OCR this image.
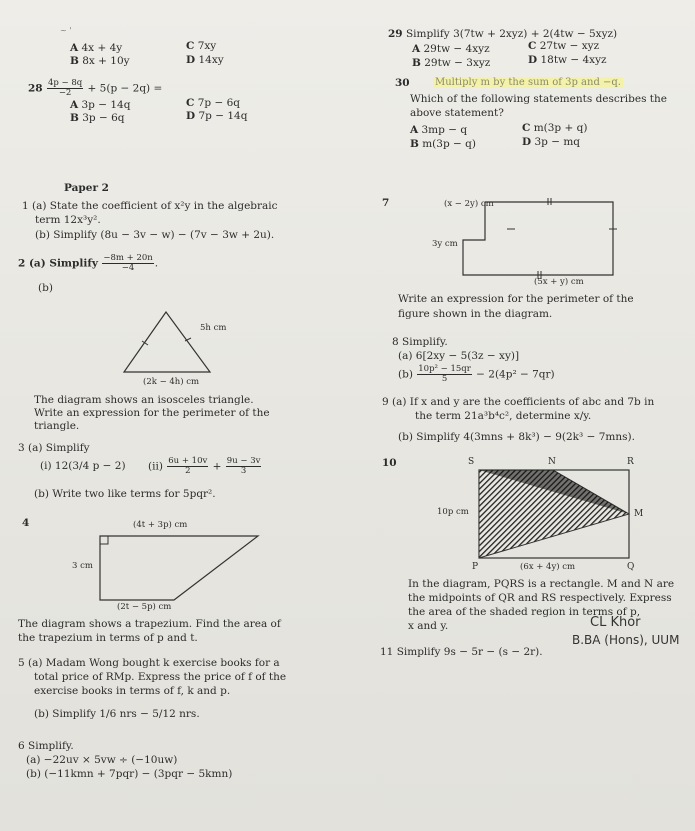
~ '
A 4x + 4y
B 8x + 10y
C 7xy
D 14xy
$28 \frac{4p - 8q}{-2} + 5(p - 2q)$ =
A 3p − 14q
B 3p − 6q
C 7p − 6q
D 7p − 14q
29 Simplify 3(7tw + 2xyz) + 2(4tw − 5xyz)
A 29tw − 4xyz
B 29tw − 3xyz
C 27tw − xyz
D 18tw − 4xyz
30	Multiply m by the sum of 3p and −q.
Which of the following statements describes the
above statement?
A 3mp − q
B m(3p − q)
C m(3p + q)
D 3p − mq
Paper 2
1 (a) State the coefficient of x²y in the algebraic
term 12x³y².
(b) Simplify (8u − 3v − w) − (7v − 3w + 2u).
2 (a) Simplify $\frac{-8m + 20n}{-4}$ .
(b)
5h cm
(2k − 4h) cm
The diagram shows an isosceles triangle.
Write an expression for the perimeter of the
triangle.
3 (a) Simplify
(i) 12(3/4 p − 2) $(ii) \frac{6u + 10v}{2} + \frac{9u - 3v}{3}$
(b) Write two like terms for 5pqr².
4	(4t + 3p) cm
3 cm
(2t − 5p) cm
The diagram shows a trapezium. Find the area of
the trapezium in terms of p and t.
5 (a) Madam Wong bought k exercise books for a
total price of RMp. Express the price of f of the
exercise books in terms of f, k and p.
(b) Simplify 1/6 nrs − 5/12 nrs.
6 Simplify.
(a) −22uv × 5vw ÷ (−10uw)
(b) (−11kmn + 7pqr) − (3pqr − 5kmn)
7	(x − 2y) cm
3y cm
(5x + y) cm
Write an expression for the perimeter of the
figure shown in the diagram.
8 Simplify.
(a) 6[2xy − 5(3z − xy)]
$(b) \frac{\text{10p² − 15qr}}{5} - 2(4p^2 - 7qr)$
9 (a) If x and y are the coefficients of abc and 7b in
the term 21a³b⁴c², determine x/y.
(b) Simplify 4(3mns + 8k³) − 9(2k³ − 7mns).
10	S	N	R
M
P	Q
10p cm
(6x + 4y) cm
In the diagram, PQRS is a rectangle. M and N are
the midpoints of QR and RS respectively. Express
the area of the shaded region in terms of p,
x and y.	CL Khor
B.BA (Hons), UUM
11 Simplify 9s − 5r − (s − 2r).
